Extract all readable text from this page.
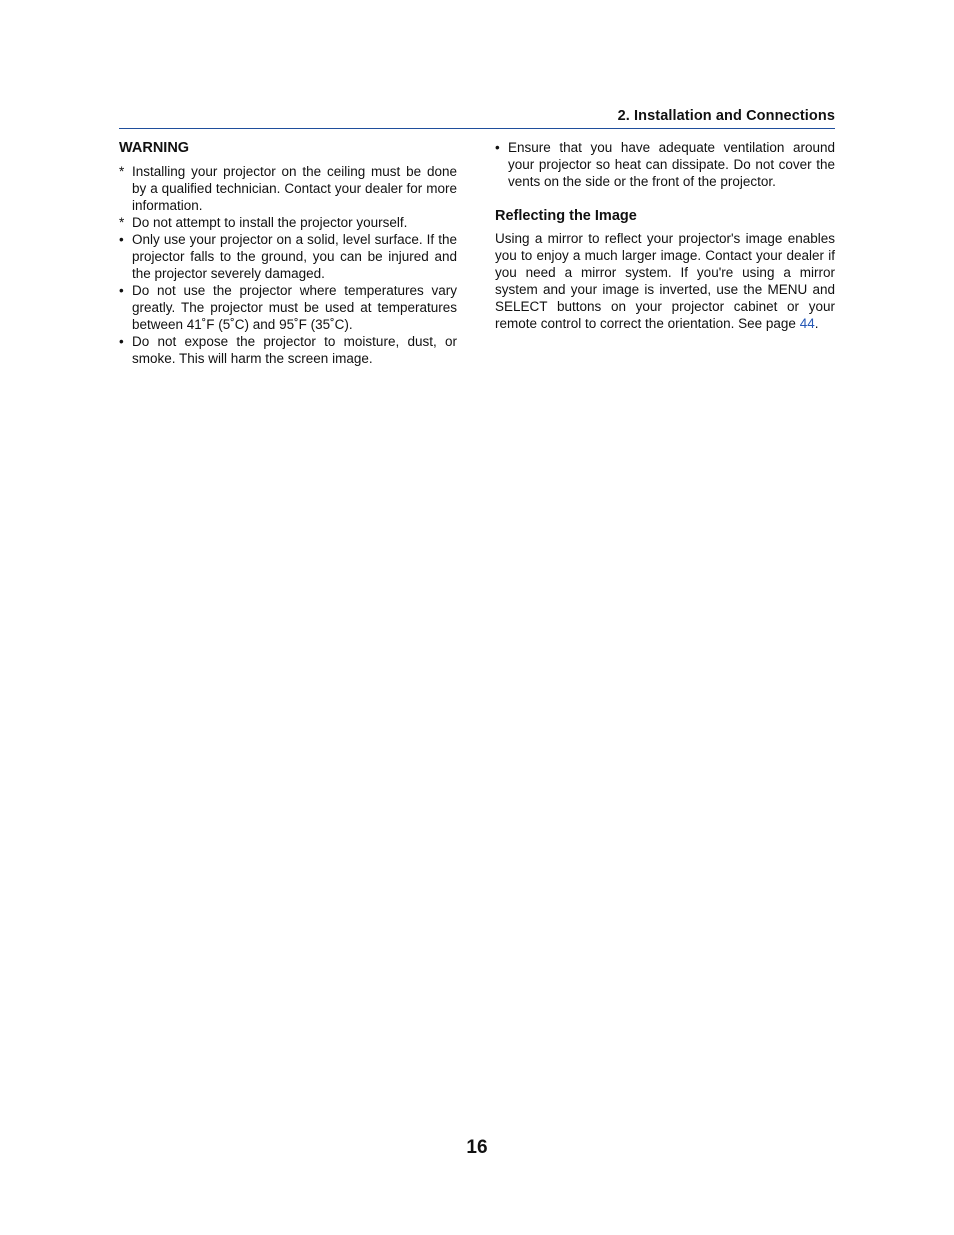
2. Installation and Connections
WARNING
* Installing your projector on the ceiling must be done by a qualified technician. Contact your dealer for more information.
* Do not attempt to install the projector yourself.
• Only use your projector on a solid, level surface. If the projector falls to the ground, you can be injured and the projector severely damaged.
• Do not use the projector where temperatures vary greatly. The projector must be used at temperatures between 41˚F (5˚C) and 95˚F (35˚C).
• Do not expose the projector to moisture, dust, or smoke. This will harm the screen image.
• Ensure that you have adequate ventilation around your projector so heat can dissipate. Do not cover the vents on the side or the front of the projector.
Reflecting the Image

Using a mirror to reflect your projector's image enables you to enjoy a much larger image. Contact your dealer if you need a mirror system. If you're using a mirror system and your image is inverted, use the MENU and SELECT buttons on your projector cabinet or your remote control to correct the orientation. See page 44.

16
